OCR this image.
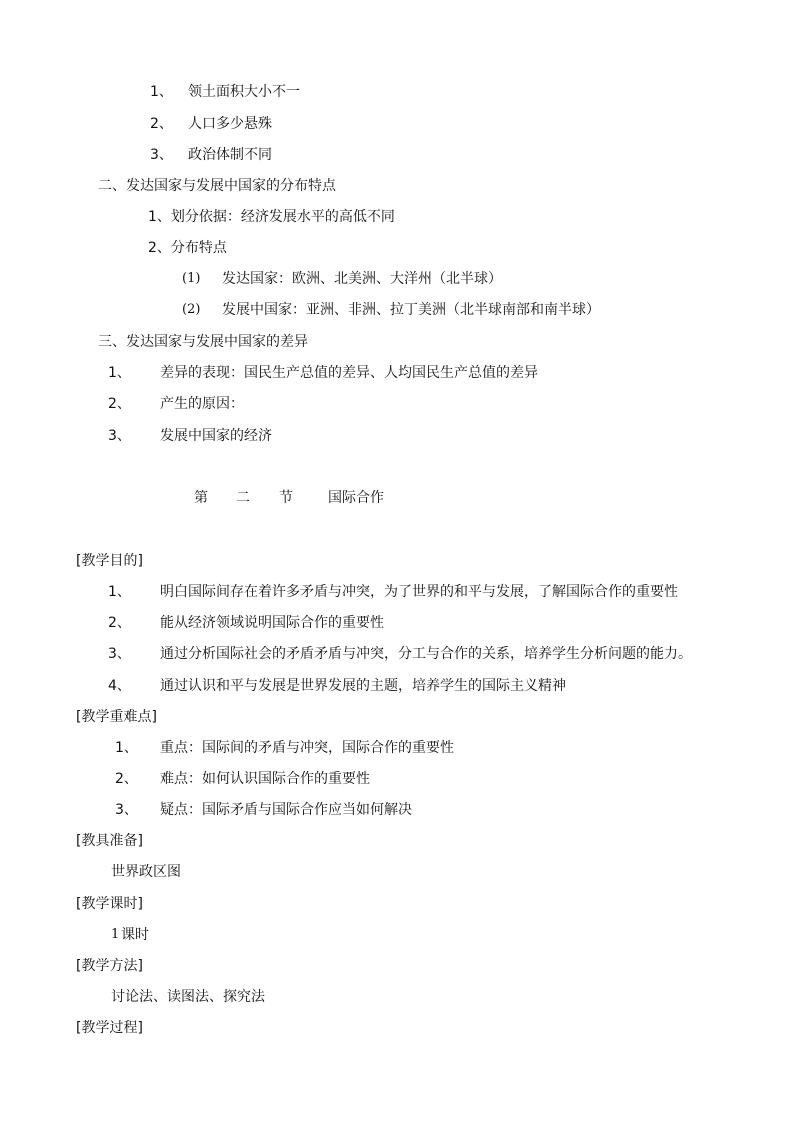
1、 领土面积大小不一
2、 人口多少悬殊
3、 政治体制不同
二、发达国家与发展中国家的分布特点
1、划分依据：经济发展水平的高低不同
2、分布特点
(1) 发达国家：欧洲、北美洲、大洋州（北半球）
(2) 发展中国家：亚洲、非洲、拉丁美洲（北半球南部和南半球）
三、发达国家与发展中国家的差异
1、 差异的表现：国民生产总值的差异、人均国民生产总值的差异
2、 产生的原因：
3、 发展中国家的经济
第 二 节	国际合作
[教学目的]
1、 明白国际间存在着许多矛盾与冲突，为了世界的和平与发展，了解国际合作的重要性
2、 能从经济领域说明国际合作的重要性
3、 通过分析国际社会的矛盾矛盾与冲突，分工与合作的关系，培养学生分析问题的能力。
4、 通过认识和平与发展是世界发展的主题，培养学生的国际主义精神
[教学重难点]
1、 重点：国际间的矛盾与冲突，国际合作的重要性
2、 难点：如何认识国际合作的重要性
3、 疑点：国际矛盾与国际合作应当如何解决
[教具准备]
世界政区图
[教学课时]
1 课时
[教学方法]
讨论法、读图法、探究法
[教学过程]
